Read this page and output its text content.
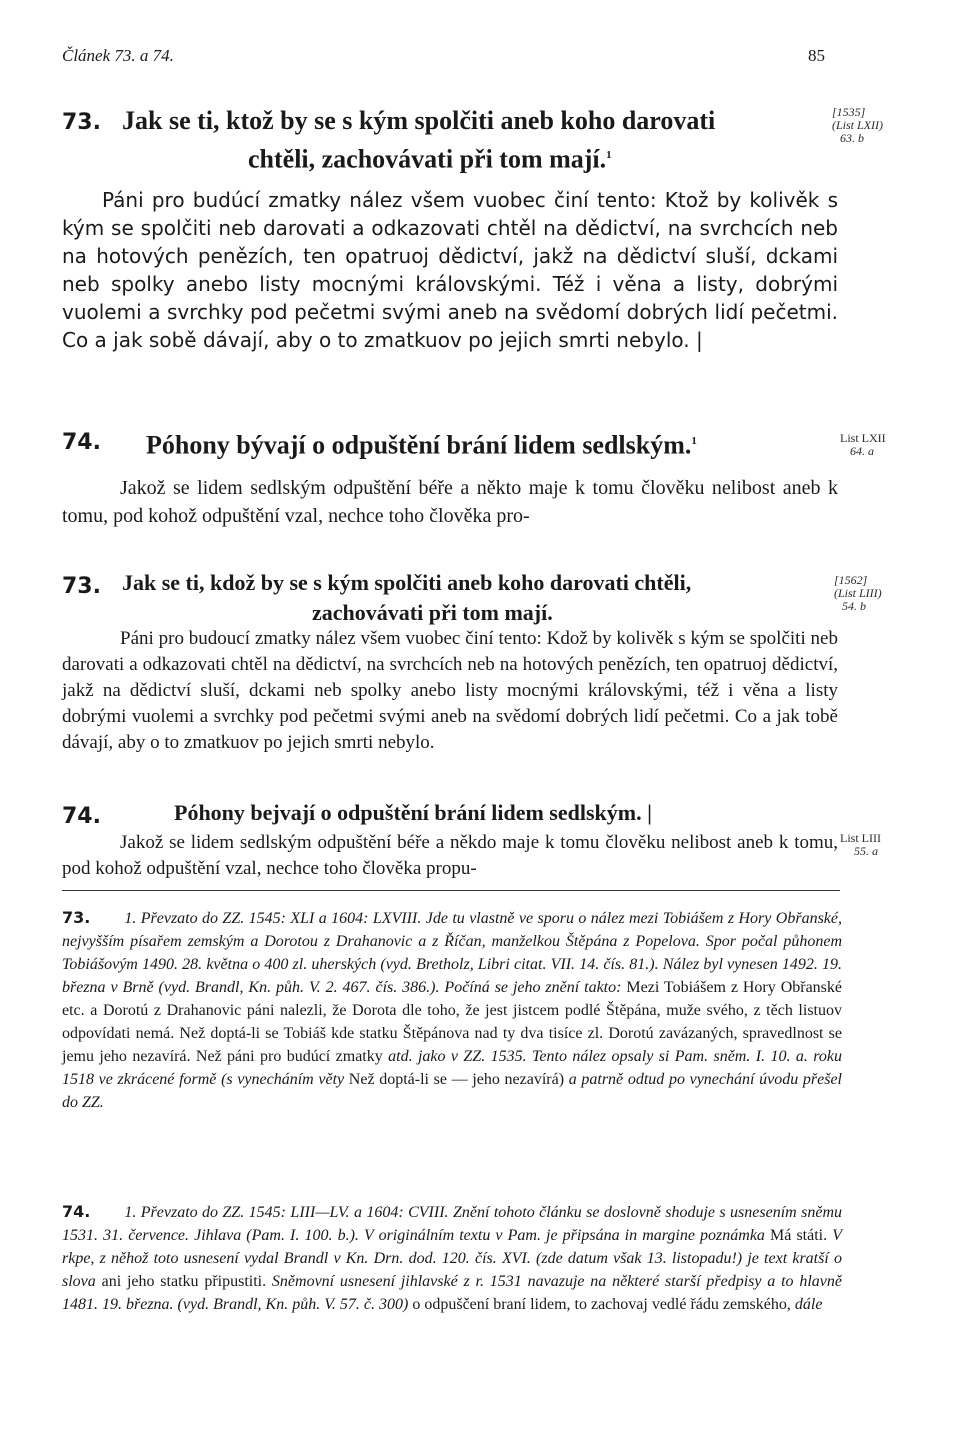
Článek 73. a 74.	85
73. Jak se ti, ktož by se s kým spolčiti aneb koho darovati
chtěli, zachovávati při tom mají.$^1$
[1535]
(List LXII)
63. b
Páni pro budúcí zmatky nález všem vuobec činí tento: Ktož by kolivěk s kým se spolčiti neb darovati a odkazovati chtěl na dědictví, na svrchcích neb na hotových penězích, ten opatruoj dědictví, jakž na dědictví sluší, dckami neb spolky anebo listy mocnými královskými. Též i věna a listy, dobrými vuolemi a svrchky pod pečetmi svými aneb na svědomí dobrých lidí pečetmi. Co a jak sobě dávají, aby o to zmatkuov po jejich smrti nebylo. |
74. Póhony bývají o odpuštění brání lidem sedlským.$^1$	List LXII
64. a
Jakož se lidem sedlským odpuštění béře a někto maje k tomu člověku nelibost aneb k tomu, pod kohož odpuštění vzal, nechce toho člověka pro-
73. Jak se ti, kdož by se s kým spolčiti aneb koho darovati chtěli,
zachovávati při tom mají.
[1562]
(List LIII)
54. b
Páni pro budoucí zmatky nález všem vuobec činí tento: Kdož by kolivěk s kým se spolčiti neb darovati a odkazovati chtěl na dědictví, na svrchcích neb na hotových penězích, ten opatruoj dědictví, jakž na dědictví sluší, dckami neb spolky anebo listy mocnými královskými, též i věna a listy dobrými vuolemi a svrchky pod pečetmi svými aneb na svědomí dobrých lidí pečetmi. Co a jak tobě dávají, aby o to zmatkuov po jejich smrti nebylo.
74.	Póhony bejvají o odpuštění brání lidem sedlským. |
List LIII
55. a
Jakož se lidem sedlským odpuštění béře a někdo maje k tomu člověku nelibost aneb k tomu, pod kohož odpuštění vzal, nechce toho člověka propu-
73. 1. Převzato do ZZ. 1545: XLI a 1604: LXVIII. Jde tu vlastně ve sporu o nález mezi Tobiášem z Hory Obřanské, nejvyšším písařem zemským a Dorotou z Drahanovic a z Říčan, manželkou Štěpána z Popelova. Spor počal půhonem Tobiášovým 1490. 28. května o 400 zl. uherských (vyd. Bretholz, Libri citat. VII. 14. čís. 81.). Nález byl vynesen 1492. 19. března v Brně (vyd. Brandl, Kn. půh. V. 2. 467. čís. 386.). Počíná se jeho znění takto: Mezi Tobiášem z Hory Obřanské etc. a Dorotú z Drahanovic páni nalezli, že Dorota dle toho, že jest jistcem podlé Štěpána, muže svého, z těch listuov odpovídati nemá. Než doptá-li se Tobiáš kde statku Štěpánova nad ty dva tisíce zl. Dorotú zavázaných, spravedlnost se jemu jeho nezavírá. Než páni pro budúcí zmatky atd. jako v ZZ. 1535. Tento nález opsaly si Pam. sněm. I. 10. a. roku 1518 ve zkrácené formě (s vynecháním věty Než doptá-li se — jeho nezavírá) a patrně odtud po vynechání úvodu přešel do ZZ.
74. 1. Převzato do ZZ. 1545: LIII—LV. a 1604: CVIII. Znění tohoto článku se doslovně shoduje s usnesením sněmu 1531. 31. července. Jihlava (Pam. I. 100. b.). V originálním textu v Pam. je připsána in margine poznámka Má státi. V rkpe, z něhož toto usnesení vydal Brandl v Kn. Drn. dod. 120. čís. XVI. (zde datum však 13. listopadu!) je text kratší o slova ani jeho statku připustiti. Sněmovní usnesení jihlavské z r. 1531 navazuje na některé starší předpisy a to hlavně 1481. 19. března. (vyd. Brandl, Kn. půh. V. 57. č. 300) o odpuščení braní lidem, to zachovaj vedlé řádu zemského, dále
